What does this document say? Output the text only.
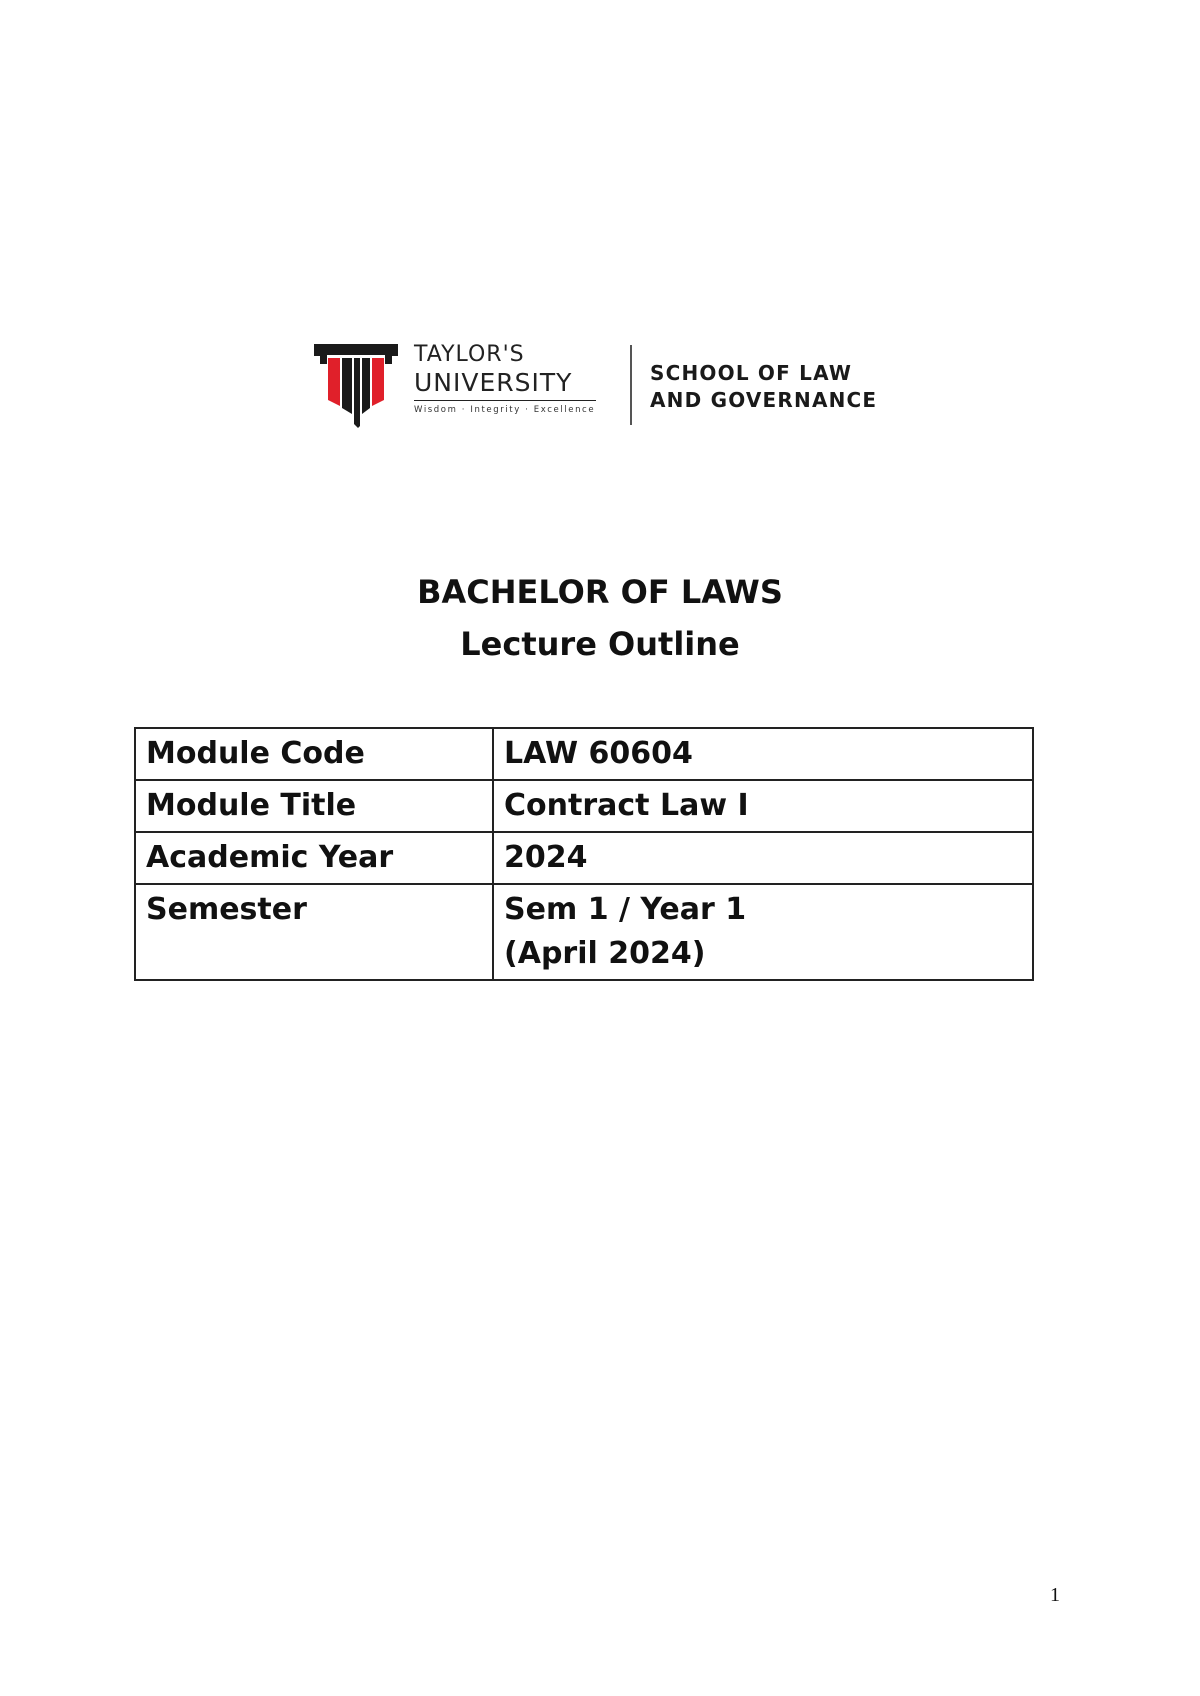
TAYLOR'S
UNIVERSITY
Wisdom · Integrity · Excellence
SCHOOL OF LAW
AND GOVERNANCE
BACHELOR OF LAWS
Lecture Outline
Module Code	LAW 60604

Module Title	Contract Law I

Academic Year	2024

Semester	Sem 1 / Year 1
(April 2024)
1
